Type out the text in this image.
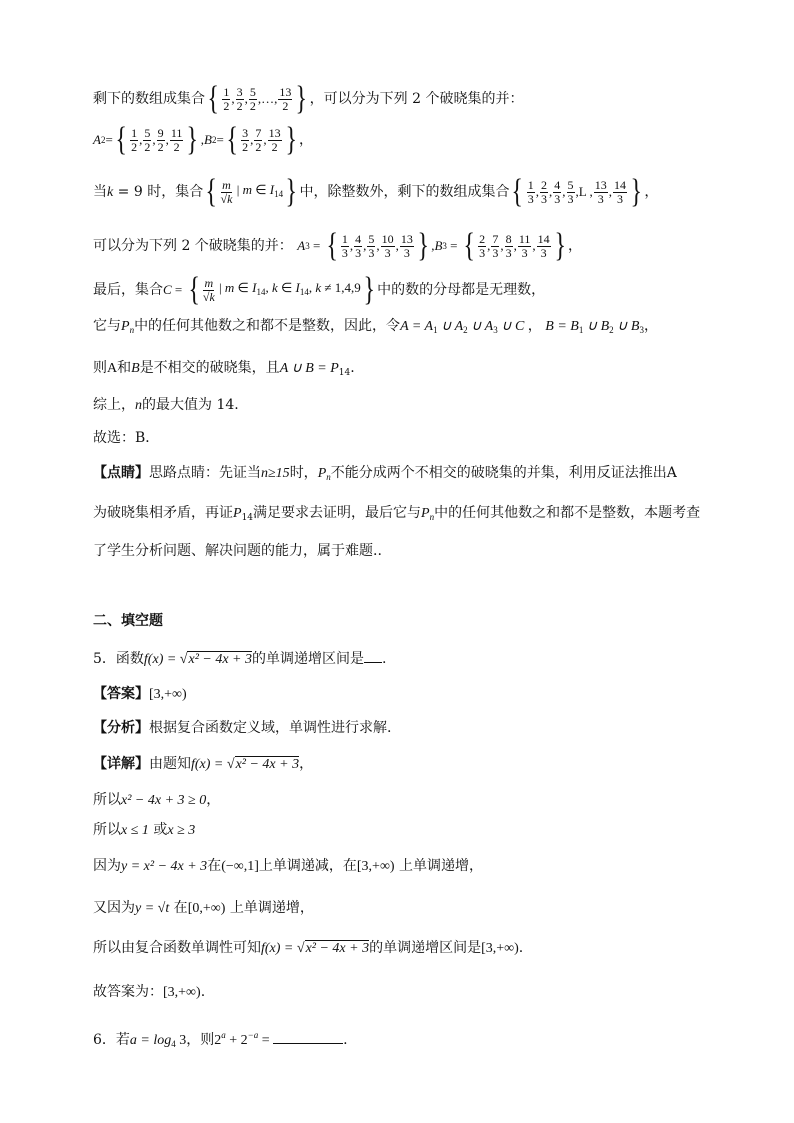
剩下的数组成集合 { $\frac{1}{2}$ , $\frac{3}{2}$ , $\frac{5}{2}$ , …, $\frac{13}{2}$ } ，可以分为下列 2 个破晓集的并：
A 2 = { $\frac{1}{2}$ , $\frac{5}{2}$ , $\frac{9}{2}$ , $\frac{11}{2}$ } , B 2 = { $\frac{3}{2}$ , $\frac{7}{2}$ , $\frac{13}{2}$ } ，
当k = 9 时，集合 { $\frac{m}{√k}$ | m ∈ $I_{14}$ } 中，除整数外，剩下的数组成集合 { $\frac{1}{3}$ , $\frac{2}{3}$ , $\frac{4}{3}$ , $\frac{5}{3} ,L$ , $\frac{13}{3}$ , $\frac{14}{3}$ } ，
可以分为下列 2 个破晓集的并： A 3 = { $\frac{1}{3}$ , $\frac{4}{3}$ , $\frac{5}{3}$ , $\frac{10}{3}$ , $\frac{13}{3}$ } , B 3 = { $\frac{2}{3}$ , $\frac{7}{3}$ , $\frac{8}{3}$ , $\frac{11}{3}$ , $\frac{14}{3}$ } ，
最后，集合 C = { $\frac{m}{√k}$ | m ∈ $I_{14}$, k ∈ $I_{14}$, k ≠ 1,4,9 } 中的数的分母都是无理数，
它与$P_n$中的任何其他数之和都不是整数，因此，令$A = A_1$ ∪ $A_2$ ∪ $A_3$ ∪ C ， $B = B_1$ ∪ $B_2$ ∪ $B_3$，
则A和B是不相交的破晓集，且A ∪ $B = P_{14}$.
综上，n的最大值为 14.
故选：B．
【点睛】思路点睛：先证当n≥15时，$P_n$不能分成两个不相交的破晓集的并集，利用反证法推出A
为破晓集相矛盾，再证$P_{14}$满足要求去证明，最后它与$P_n$中的任何其他数之和都不是整数，本题考查
了学生分析问题、解决问题的能力，属于难题..
二、填空题
5．函数f(x) = √x² − 4x + 3的单调递增区间是 .
【答案】[3,+∞)
【分析】根据复合函数定义域，单调性进行求解.
【详解】由题知f(x) = √x² − 4x + 3，
所以x² − 4x + 3 ≥ 0，
所以x ≤ 1 或x ≥ 3
因为y = x² − 4x + 3在(−∞,1]上单调递减，在[3,+∞) 上单调递增，
又因为y = √t 在[0,+∞) 上单调递增，
所以由复合函数单调性可知f(x) = √x² − 4x + 3的单调递增区间是[3,+∞).
故答案为：[3,+∞).
6．若$a = \log_4 3$，则$2^a + 2^{-a}$ =	.
